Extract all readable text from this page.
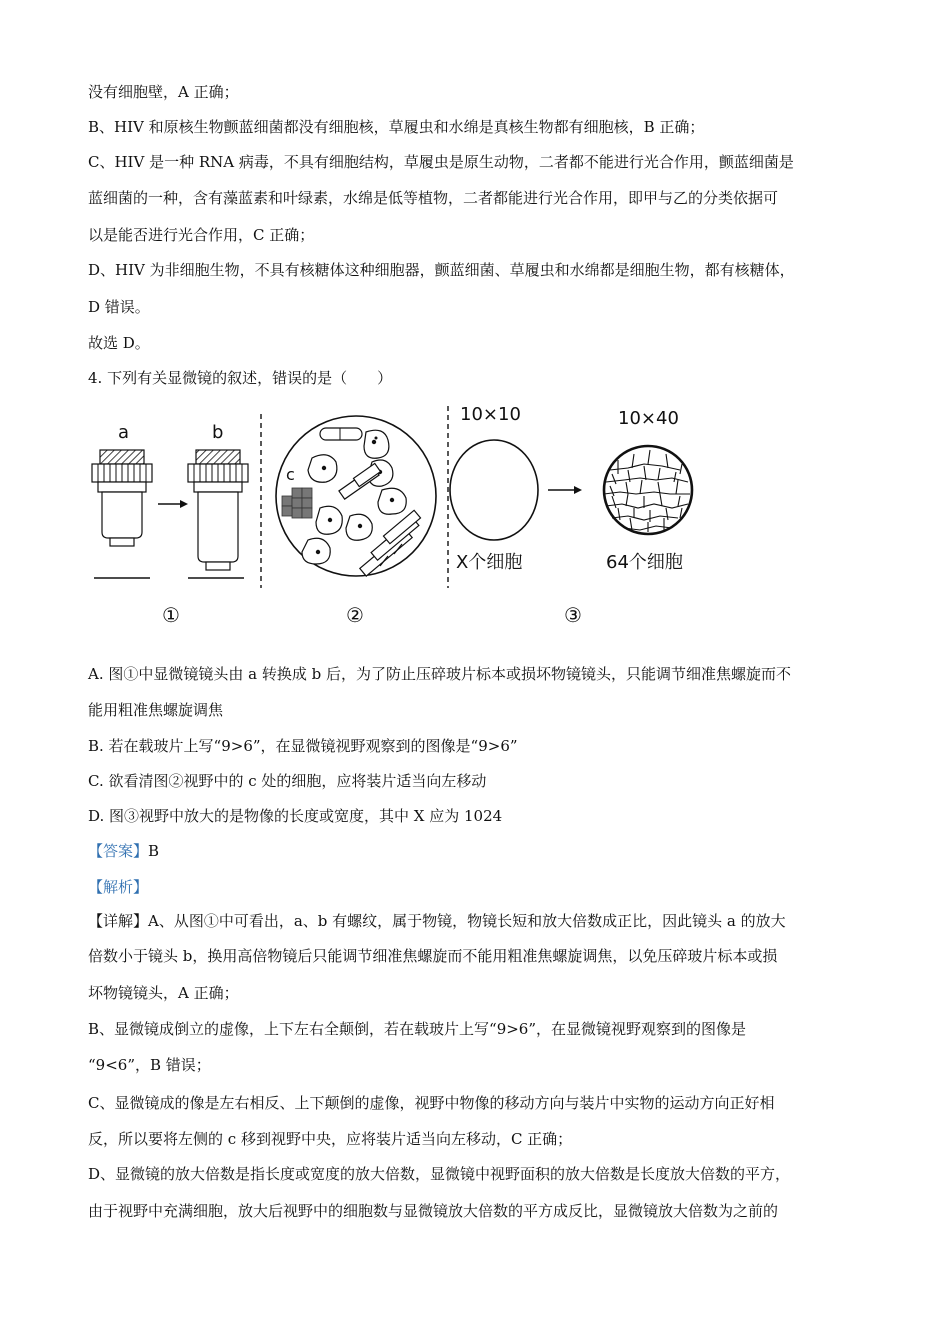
没有细胞壁，A 正确；
B、HIV 和原核生物颤蓝细菌都没有细胞核，草履虫和水绵是真核生物都有细胞核，B 正确；
C、HIV 是一种 RNA 病毒，不具有细胞结构，草履虫是原生动物，二者都不能进行光合作用，颤蓝细菌是
蓝细菌的一种，含有藻蓝素和叶绿素，水绵是低等植物，二者都能进行光合作用，即甲与乙的分类依据可
以是能否进行光合作用，C 正确；
D、HIV 为非细胞生物，不具有核糖体这种细胞器，颤蓝细菌、草履虫和水绵都是细胞生物，都有核糖体，
D 错误。
故选 D。
4. 下列有关显微镜的叙述，错误的是（　　）
a	b
c
10×10
X个细胞
10×40
64个细胞
①	②	③
A. 图①中显微镜镜头由 a 转换成 b 后，为了防止压碎玻片标本或损坏物镜镜头，只能调节细准焦螺旋而不
能用粗准焦螺旋调焦
B. 若在载玻片上写“9>6”，在显微镜视野观察到的图像是“9>6”
C. 欲看清图②视野中的 c 处的细胞，应将装片适当向左移动
D. 图③视野中放大的是物像的长度或宽度，其中 X 应为 1024
【答案】B
【解析】
【详解】A、从图①中可看出，a、b 有螺纹，属于物镜，物镜长短和放大倍数成正比，因此镜头 a 的放大
倍数小于镜头 b，换用高倍物镜后只能调节细准焦螺旋而不能用粗准焦螺旋调焦，以免压碎玻片标本或损
坏物镜镜头，A 正确；
B、显微镜成倒立的虚像，上下左右全颠倒，若在载玻片上写“9>6”，在显微镜视野观察到的图像是
“9<6”，B 错误；
C、显微镜成的像是左右相反、上下颠倒的虚像，视野中物像的移动方向与装片中实物的运动方向正好相
反，所以要将左侧的 c 移到视野中央，应将装片适当向左移动，C 正确；
D、显微镜的放大倍数是指长度或宽度的放大倍数，显微镜中视野面积的放大倍数是长度放大倍数的平方，
由于视野中充满细胞，放大后视野中的细胞数与显微镜放大倍数的平方成反比，显微镜放大倍数为之前的
